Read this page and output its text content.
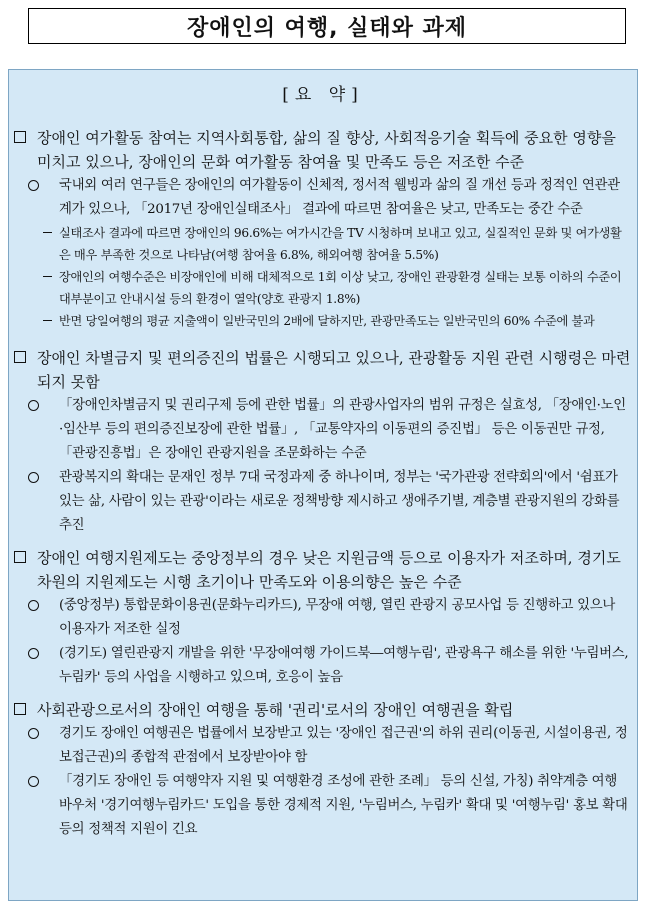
장애인의 여행, 실태와 과제
[요 약]
장애인 여가활동 참여는 지역사회통합, 삶의 질 향상, 사회적응기술 획득에 중요한 영향을 미치고 있으나, 장애인의 문화 여가활동 참여율 및 만족도 등은 저조한 수준
국내외 여러 연구들은 장애인의 여가활동이 신체적, 정서적 웰빙과 삶의 질 개선 등과 정적인 연관관계가 있으나, 「2017년 장애인실태조사」 결과에 따르면 참여율은 낮고, 만족도는 중간 수준
실태조사 결과에 따르면 장애인의 96.6%는 여가시간을 TV 시청하며 보내고 있고, 실질적인 문화 및 여가생활은 매우 부족한 것으로 나타남(여행 참여율 6.8%, 해외여행 참여율 5.5%)
장애인의 여행수준은 비장애인에 비해 대체적으로 1회 이상 낮고, 장애인 관광환경 실태는 보통 이하의 수준이 대부분이고 안내시설 등의 환경이 열악(양호 관광지 1.8%)
반면 당일여행의 평균 지출액이 일반국민의 2배에 달하지만, 관광만족도는 일반국민의 60% 수준에 불과
장애인 차별금지 및 편의증진의 법률은 시행되고 있으나, 관광활동 지원 관련 시행령은 마련되지 못함
「장애인차별금지 및 권리구제 등에 관한 법률」의 관광사업자의 범위 규정은 실효성, 「장애인·노인·임산부 등의 편의증진보장에 관한 법률」, 「교통약자의 이동편의 증진법」 등은 이동권만 규정, 「관광진흥법」은 장애인 관광지원을 조문화하는 수준
관광복지의 확대는 문재인 정부 7대 국정과제 중 하나이며, 정부는 '국가관광 전략회의'에서 '쉼표가 있는 삶, 사람이 있는 관광'이라는 새로운 정책방향 제시하고 생애주기별, 계층별 관광지원의 강화를 추진
장애인 여행지원제도는 중앙정부의 경우 낮은 지원금액 등으로 이용자가 저조하며, 경기도 차원의 지원제도는 시행 초기이나 만족도와 이용의향은 높은 수준
(중앙정부) 통합문화이용권(문화누리카드), 무장애 여행, 열린 관광지 공모사업 등 진행하고 있으나 이용자가 저조한 실정
(경기도) 열린관광지 개발을 위한 '무장애여행 가이드북―여행누림', 관광욕구 해소를 위한 '누림버스, 누림카' 등의 사업을 시행하고 있으며, 호응이 높음
사회관광으로서의 장애인 여행을 통해 '권리'로서의 장애인 여행권을 확립
경기도 장애인 여행권은 법률에서 보장받고 있는 '장애인 접근권'의 하위 권리(이동권, 시설이용권, 정보접근권)의 종합적 관점에서 보장받아야 함
「경기도 장애인 등 여행약자 지원 및 여행환경 조성에 관한 조례」 등의 신설, 가칭) 취약계층 여행바우처 '경기여행누림카드' 도입을 통한 경제적 지원, '누림버스, 누림카' 확대 및 '여행누림' 홍보 확대 등의 정책적 지원이 긴요
